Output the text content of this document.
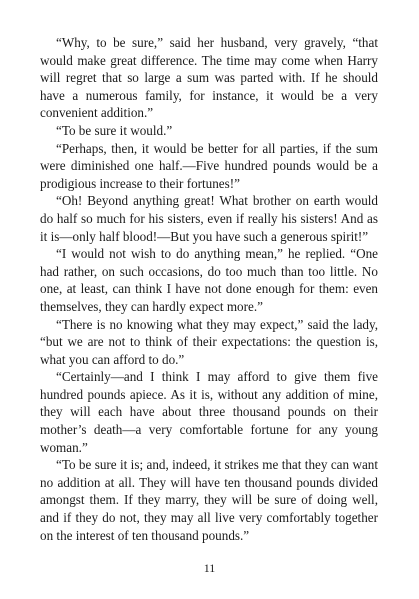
“Why, to be sure,” said her husband, very gravely, “that would make great difference. The time may come when Harry will regret that so large a sum was parted with. If he should have a numerous family, for instance, it would be a very convenient addition.”

“To be sure it would.”

“Perhaps, then, it would be better for all parties, if the sum were diminished one half.—Five hundred pounds would be a prodigious increase to their fortunes!”

“Oh! Beyond anything great! What brother on earth would do half so much for his sisters, even if really his sisters! And as it is—only half blood!—But you have such a generous spirit!”

“I would not wish to do anything mean,” he replied. “One had rather, on such occasions, do too much than too little. No one, at least, can think I have not done enough for them: even themselves, they can hardly expect more.”

“There is no knowing what they may expect,” said the lady, “but we are not to think of their expectations: the question is, what you can afford to do.”

“Certainly—and I think I may afford to give them five hundred pounds apiece. As it is, without any addition of mine, they will each have about three thousand pounds on their mother’s death—a very comfortable fortune for any young woman.”

“To be sure it is; and, indeed, it strikes me that they can want no addition at all. They will have ten thousand pounds divided amongst them. If they marry, they will be sure of doing well, and if they do not, they may all live very comfortably together on the interest of ten thousand pounds.”

11
